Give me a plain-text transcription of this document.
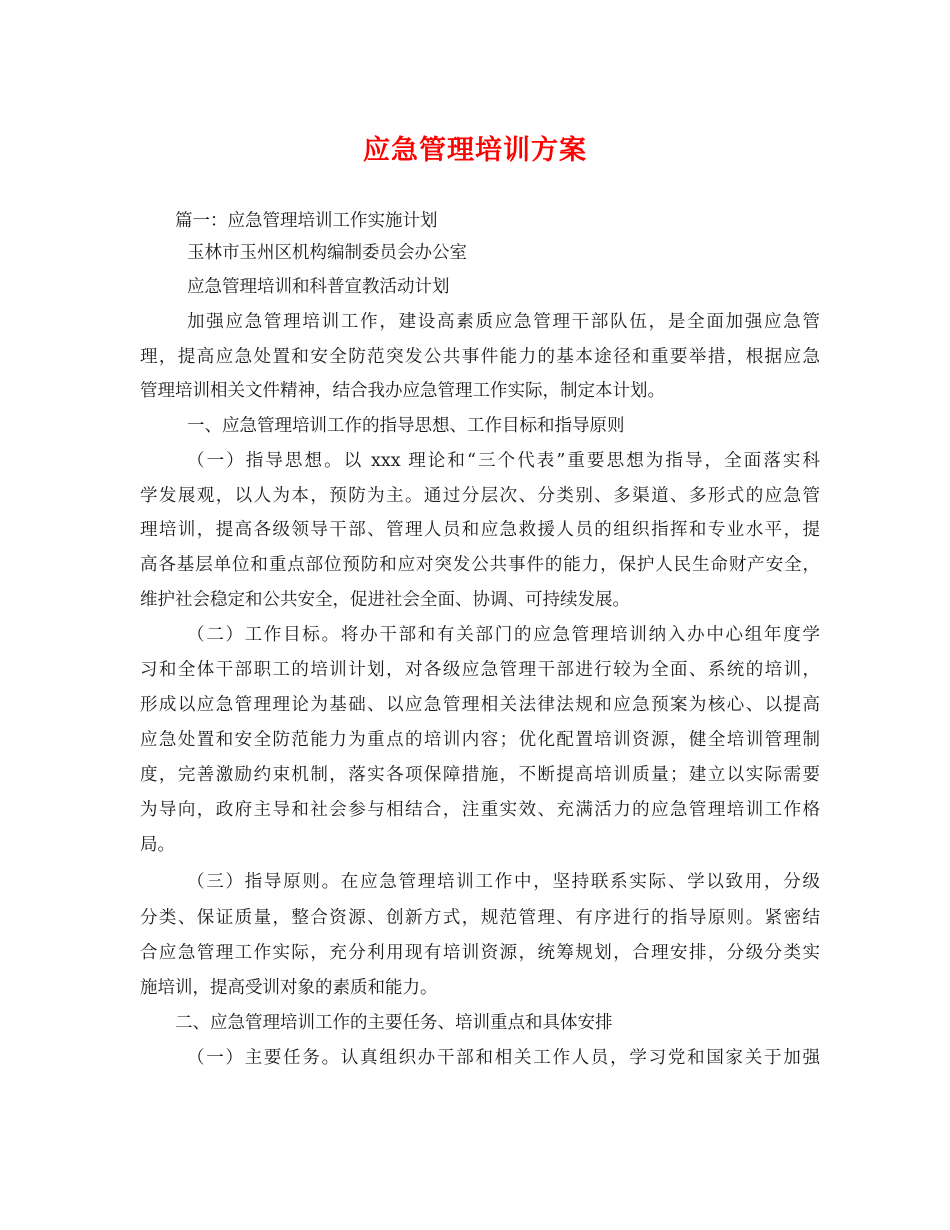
应急管理培训方案
篇一：应急管理培训工作实施计划
玉林市玉州区机构编制委员会办公室
应急管理培训和科普宣教活动计划
加强应急管理培训工作，建设高素质应急管理干部队伍，是全面加强应急管
理，提高应急处置和安全防范突发公共事件能力的基本途径和重要举措，根据应急
管理培训相关文件精神，结合我办应急管理工作实际，制定本计划。
一、应急管理培训工作的指导思想、工作目标和指导原则
（一）指导思想。以 xxx 理论和“三个代表”重要思想为指导，全面落实科
学发展观，以人为本，预防为主。通过分层次、分类别、多渠道、多形式的应急管
理培训，提高各级领导干部、管理人员和应急救援人员的组织指挥和专业水平，提
高各基层单位和重点部位预防和应对突发公共事件的能力，保护人民生命财产安全，
维护社会稳定和公共安全，促进社会全面、协调、可持续发展。
（二）工作目标。将办干部和有关部门的应急管理培训纳入办中心组年度学
习和全体干部职工的培训计划，对各级应急管理干部进行较为全面、系统的培训，
形成以应急管理理论为基础、以应急管理相关法律法规和应急预案为核心、以提高
应急处置和安全防范能力为重点的培训内容；优化配置培训资源，健全培训管理制
度，完善激励约束机制，落实各项保障措施，不断提高培训质量；建立以实际需要
为导向，政府主导和社会参与相结合，注重实效、充满活力的应急管理培训工作格
局。
（三）指导原则。在应急管理培训工作中，坚持联系实际、学以致用，分级
分类、保证质量，整合资源、创新方式，规范管理、有序进行的指导原则。紧密结
合应急管理工作实际，充分利用现有培训资源，统筹规划，合理安排，分级分类实
施培训，提高受训对象的素质和能力。
二、应急管理培训工作的主要任务、培训重点和具体安排
（一）主要任务。认真组织办干部和相关工作人员，学习党和国家关于加强
